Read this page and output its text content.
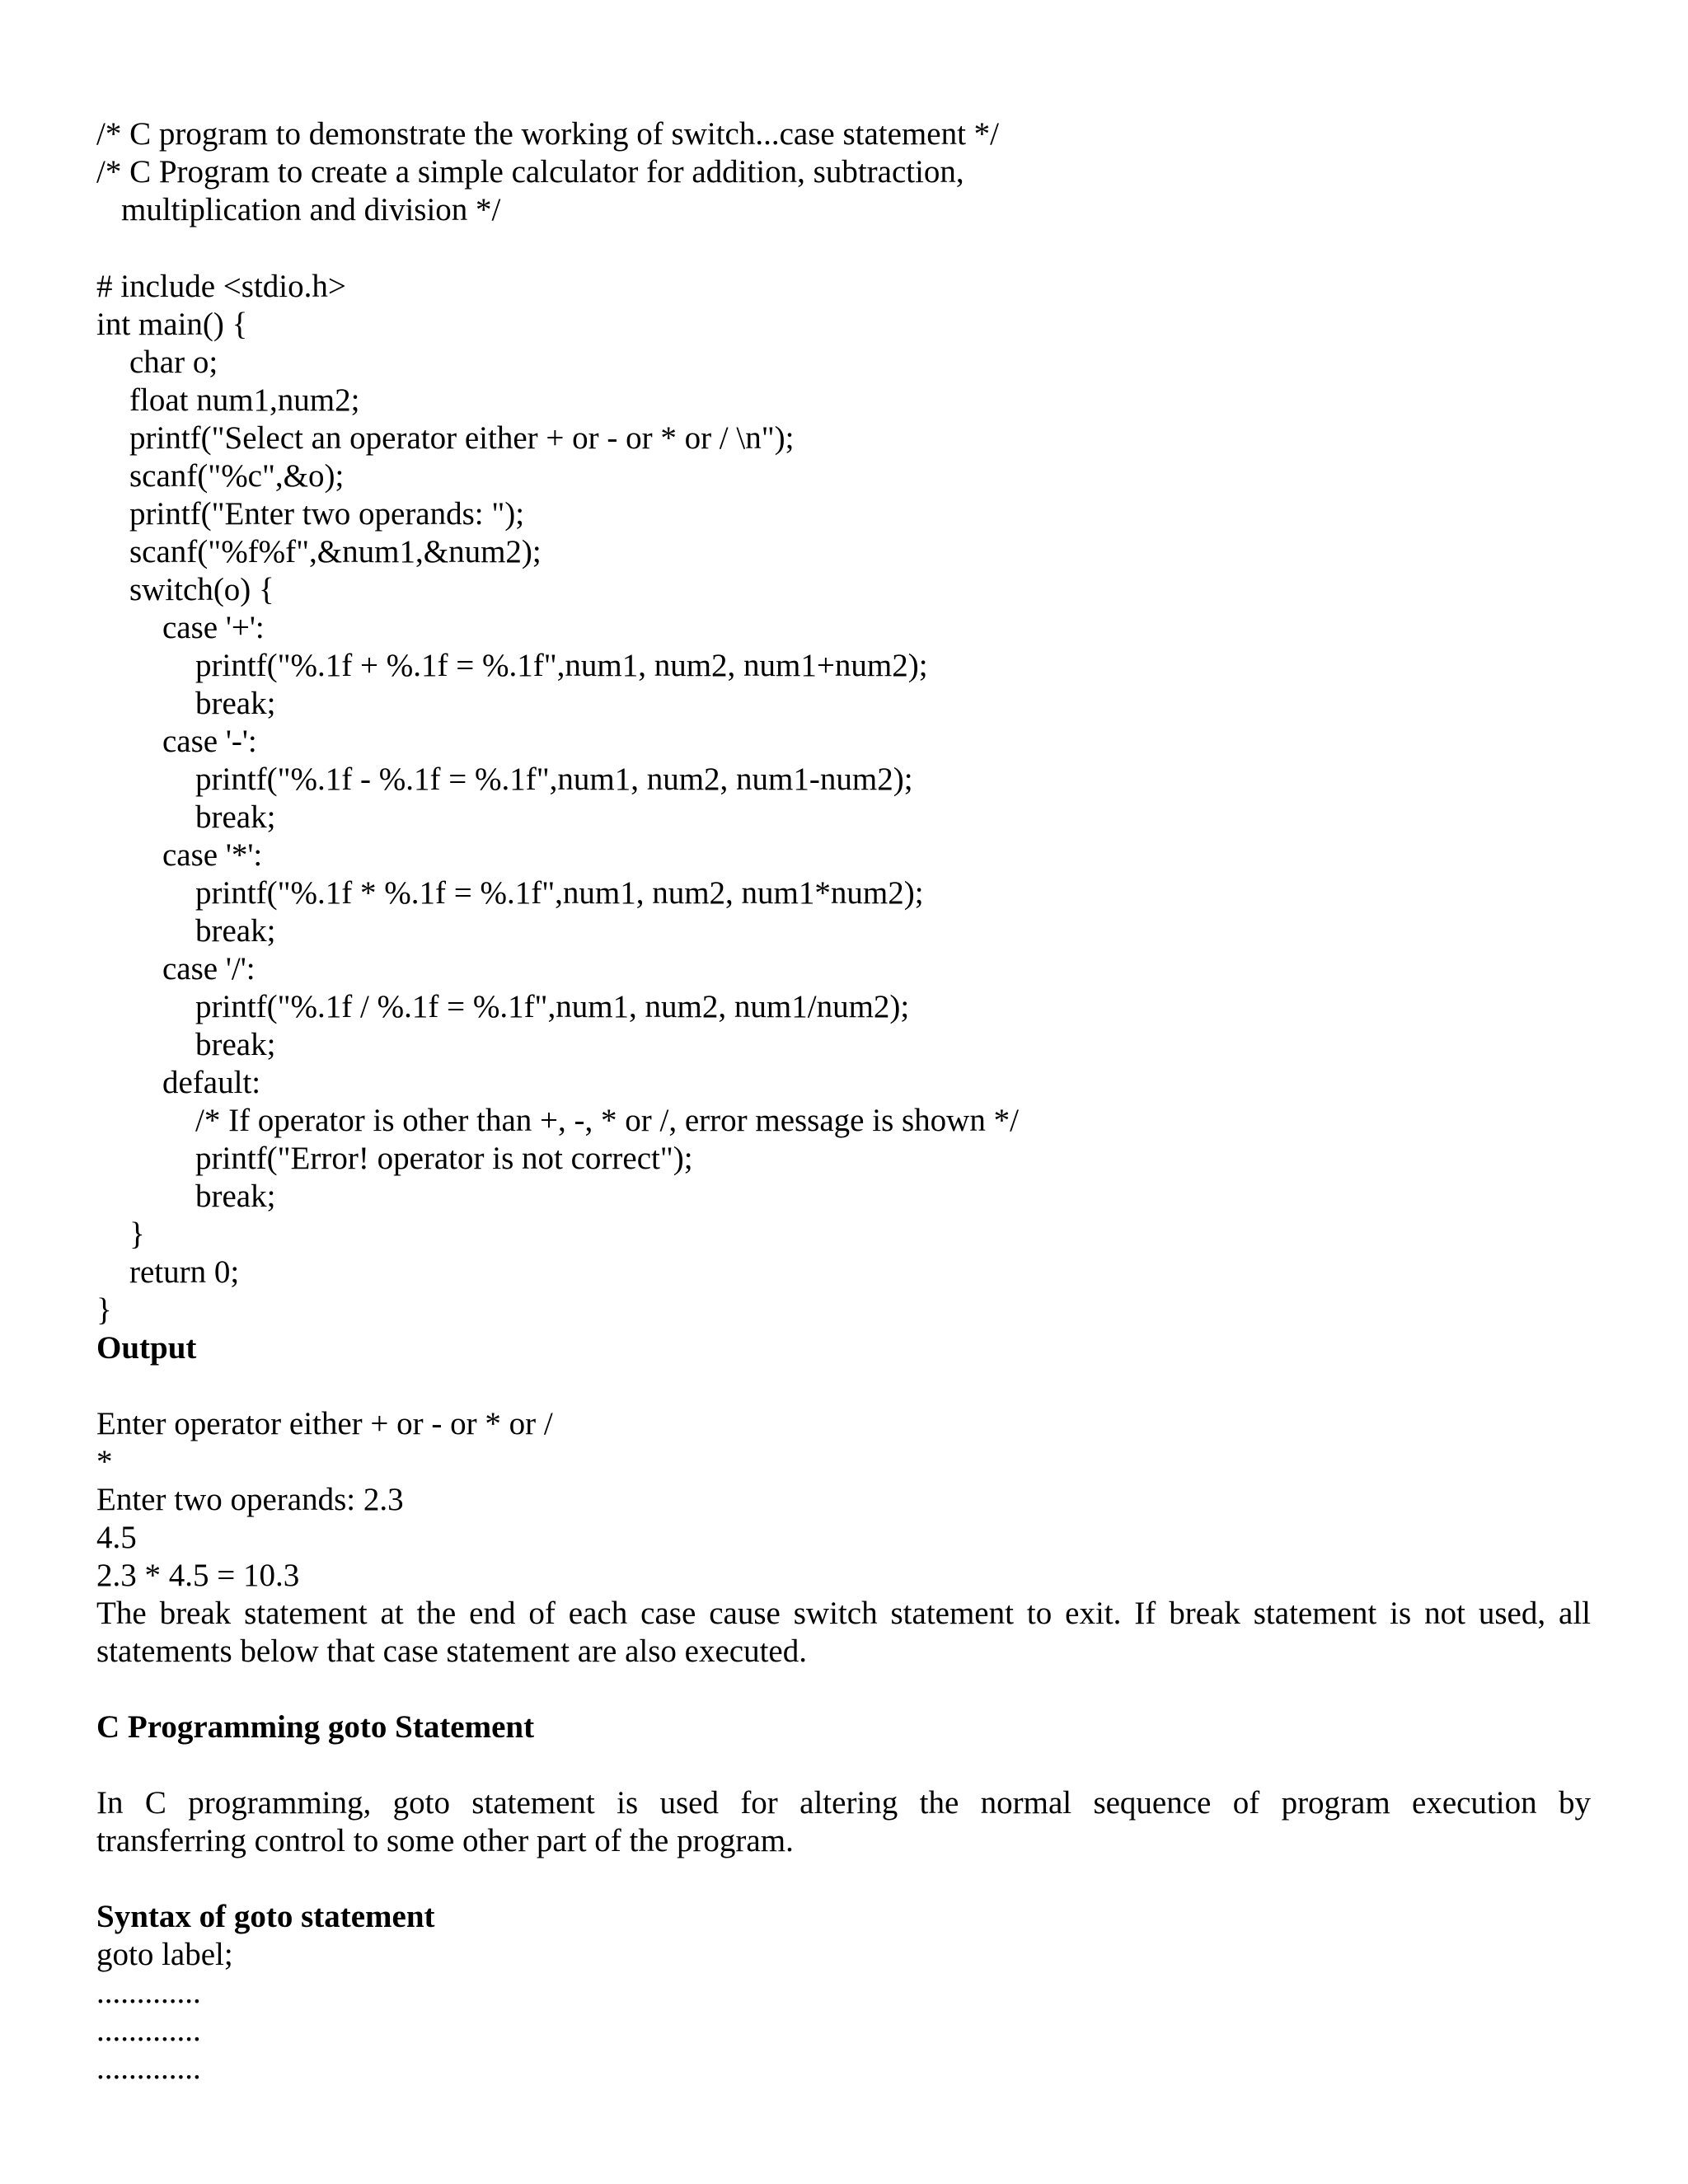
/* C program to demonstrate the working of switch...case statement */
/* C Program to create a simple calculator for addition, subtraction,
multiplication and division */
# include <stdio.h>
int main() {
char o;
float num1,num2;
printf("Select an operator either + or - or * or / \n");
scanf("%c",&o);
printf("Enter two operands: ");
scanf("%f%f",&num1,&num2);
switch(o) {
case '+':
printf("%.1f + %.1f = %.1f",num1, num2, num1+num2);
break;
case '-':
printf("%.1f - %.1f = %.1f",num1, num2, num1-num2);
break;
case '*':
printf("%.1f * %.1f = %.1f",num1, num2, num1*num2);
break;
case '/':
printf("%.1f / %.1f = %.1f",num1, num2, num1/num2);
break;
default:
/* If operator is other than +, -, * or /, error message is shown */
printf("Error! operator is not correct");
break;
}
return 0;
}
Output
Enter operator either + or - or * or /
*
Enter two operands: 2.3
4.5
2.3 * 4.5 = 10.3
The break statement at the end of each case cause switch statement to exit. If break statement is not used, all
statements below that case statement are also executed.
C Programming goto Statement
In C programming, goto statement is used for altering the normal sequence of program execution by
transferring control to some other part of the program.
Syntax of goto statement
goto label;
.............
.............
.............
